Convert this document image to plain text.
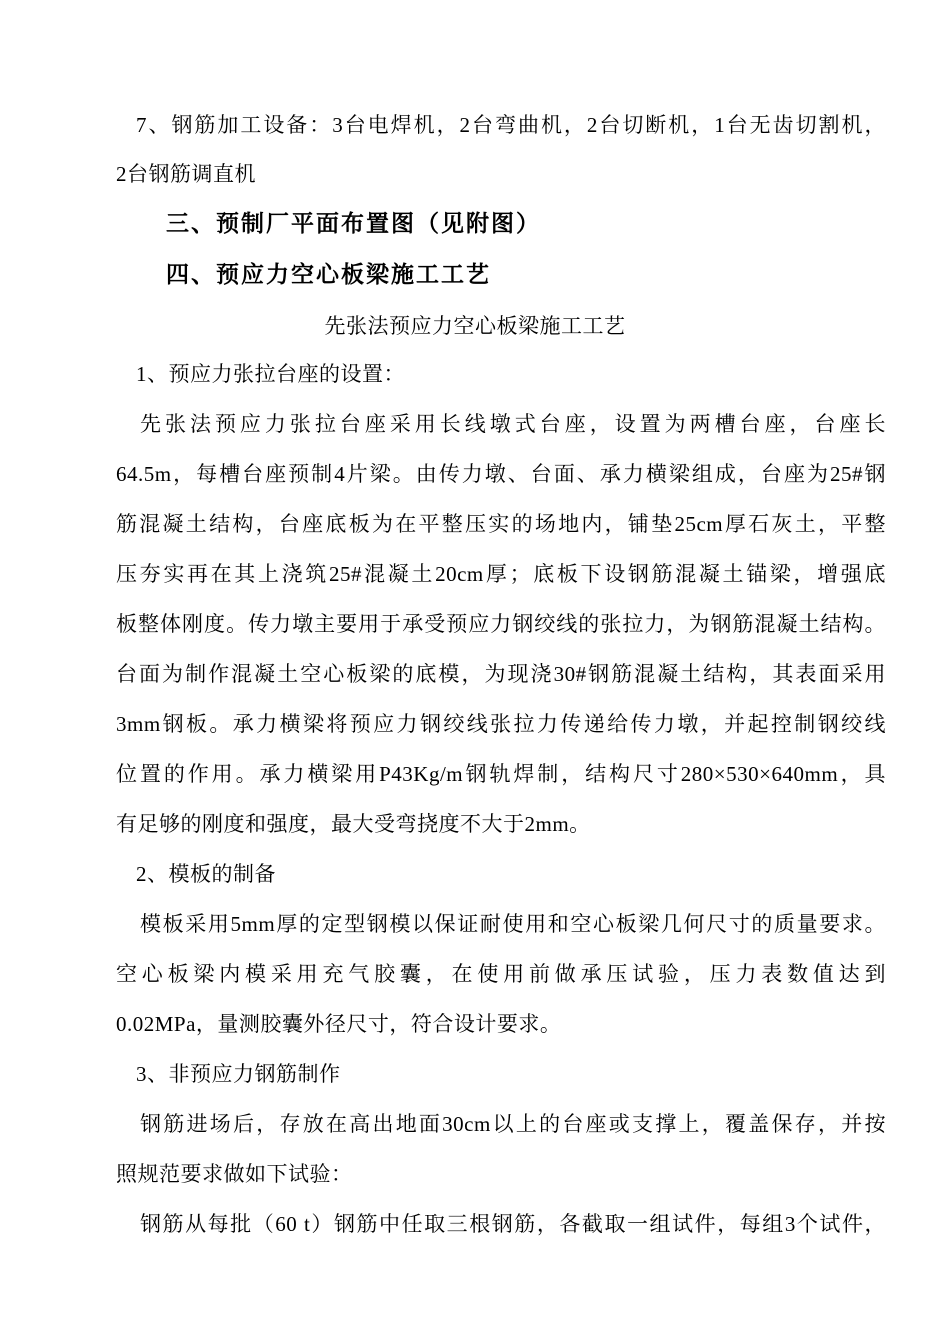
7、钢筋加工设备：3台电焊机，2台弯曲机，2台切断机，1台无齿切割机，
2台钢筋调直机
三、预制厂平面布置图（见附图）
四、预应力空心板梁施工工艺
先张法预应力空心板梁施工工艺
1、预应力张拉台座的设置：
先张法预应力张拉台座采用长线墩式台座，设置为两槽台座，台座长
64.5m，每槽台座预制4片梁。由传力墩、台面、承力横梁组成，台座为25#钢
筋混凝土结构，台座底板为在平整压实的场地内，铺垫25cm厚石灰土，平整
压夯实再在其上浇筑25#混凝土20cm厚；底板下设钢筋混凝土锚梁，增强底
板整体刚度。传力墩主要用于承受预应力钢绞线的张拉力，为钢筋混凝土结构。
台面为制作混凝土空心板梁的底模，为现浇30#钢筋混凝土结构，其表面采用
3mm钢板。承力横梁将预应力钢绞线张拉力传递给传力墩，并起控制钢绞线
位置的作用。承力横梁用P43Kg/m钢轨焊制，结构尺寸280×530×640mm，具
有足够的刚度和强度，最大受弯挠度不大于2mm。
2、模板的制备
模板采用5mm厚的定型钢模以保证耐使用和空心板梁几何尺寸的质量要求。
空心板梁内模采用充气胶囊，在使用前做承压试验，压力表数值达到
0.02MPa，量测胶囊外径尺寸，符合设计要求。
3、非预应力钢筋制作
钢筋进场后，存放在高出地面30cm以上的台座或支撑上，覆盖保存，并按
照规范要求做如下试验：
钢筋从每批（60 t）钢筋中任取三根钢筋，各截取一组试件，每组3个试件，
